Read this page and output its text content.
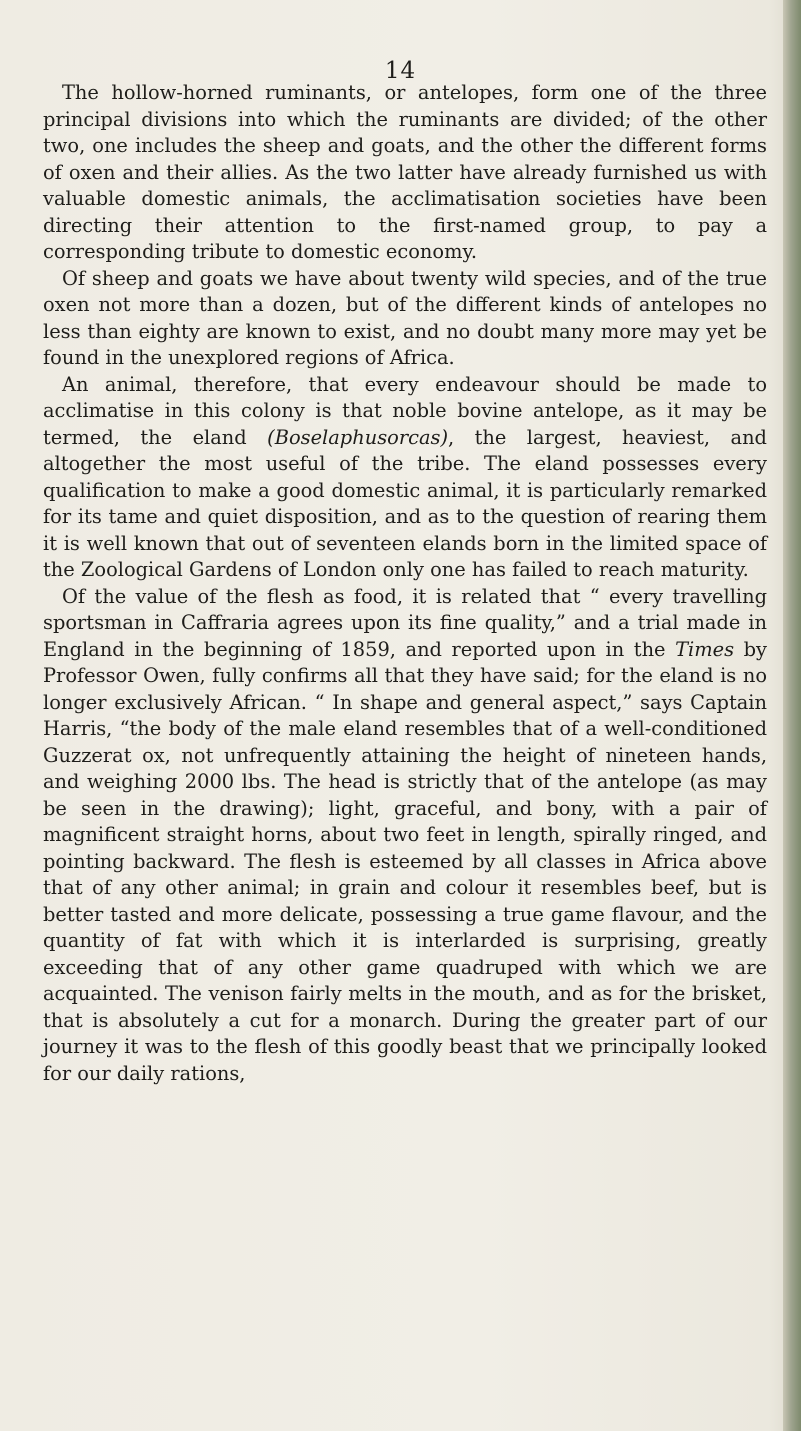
14

The hollow-horned ruminants, or antelopes, form one of the three principal divisions into which the ruminants are divided; of the other two, one includes the sheep and goats, and the other the different forms of oxen and their allies. As the two latter have already furnished us with valuable domestic animals, the acclimatisation societies have been directing their attention to the first-named group, to pay a corresponding tribute to domestic economy.

Of sheep and goats we have about twenty wild species, and of the true oxen not more than a dozen, but of the different kinds of antelopes no less than eighty are known to exist, and no doubt many more may yet be found in the unexplored regions of Africa.

An animal, therefore, that every endeavour should be made to acclimatise in this colony is that noble bovine antelope, as it may be termed, the eland (Boselaphusorcas), the largest, heaviest, and altogether the most useful of the tribe. The eland possesses every qualification to make a good domestic animal, it is particularly remarked for its tame and quiet disposition, and as to the question of rearing them it is well known that out of seventeen elands born in the limited space of the Zoological Gardens of London only one has failed to reach maturity.

Of the value of the flesh as food, it is related that “ every travelling sportsman in Caffraria agrees upon its fine quality,” and a trial made in England in the beginning of 1859, and reported upon in the Times by Professor Owen, fully confirms all that they have said; for the eland is no longer exclusively African. “ In shape and general aspect,” says Captain Harris, “the body of the male eland resembles that of a well-conditioned Guzzerat ox, not unfrequently attaining the height of nineteen hands, and weighing 2000 lbs. The head is strictly that of the antelope (as may be seen in the drawing); light, graceful, and bony, with a pair of magnificent straight horns, about two feet in length, spirally ringed, and pointing backward. The flesh is esteemed by all classes in Africa above that of any other animal; in grain and colour it resembles beef, but is better tasted and more delicate, possessing a true game flavour, and the quantity of fat with which it is interlarded is surprising, greatly exceeding that of any other game quadruped with which we are acquainted. The venison fairly melts in the mouth, and as for the brisket, that is absolutely a cut for a monarch. During the greater part of our journey it was to the flesh of this goodly beast that we principally looked for our daily rations,
